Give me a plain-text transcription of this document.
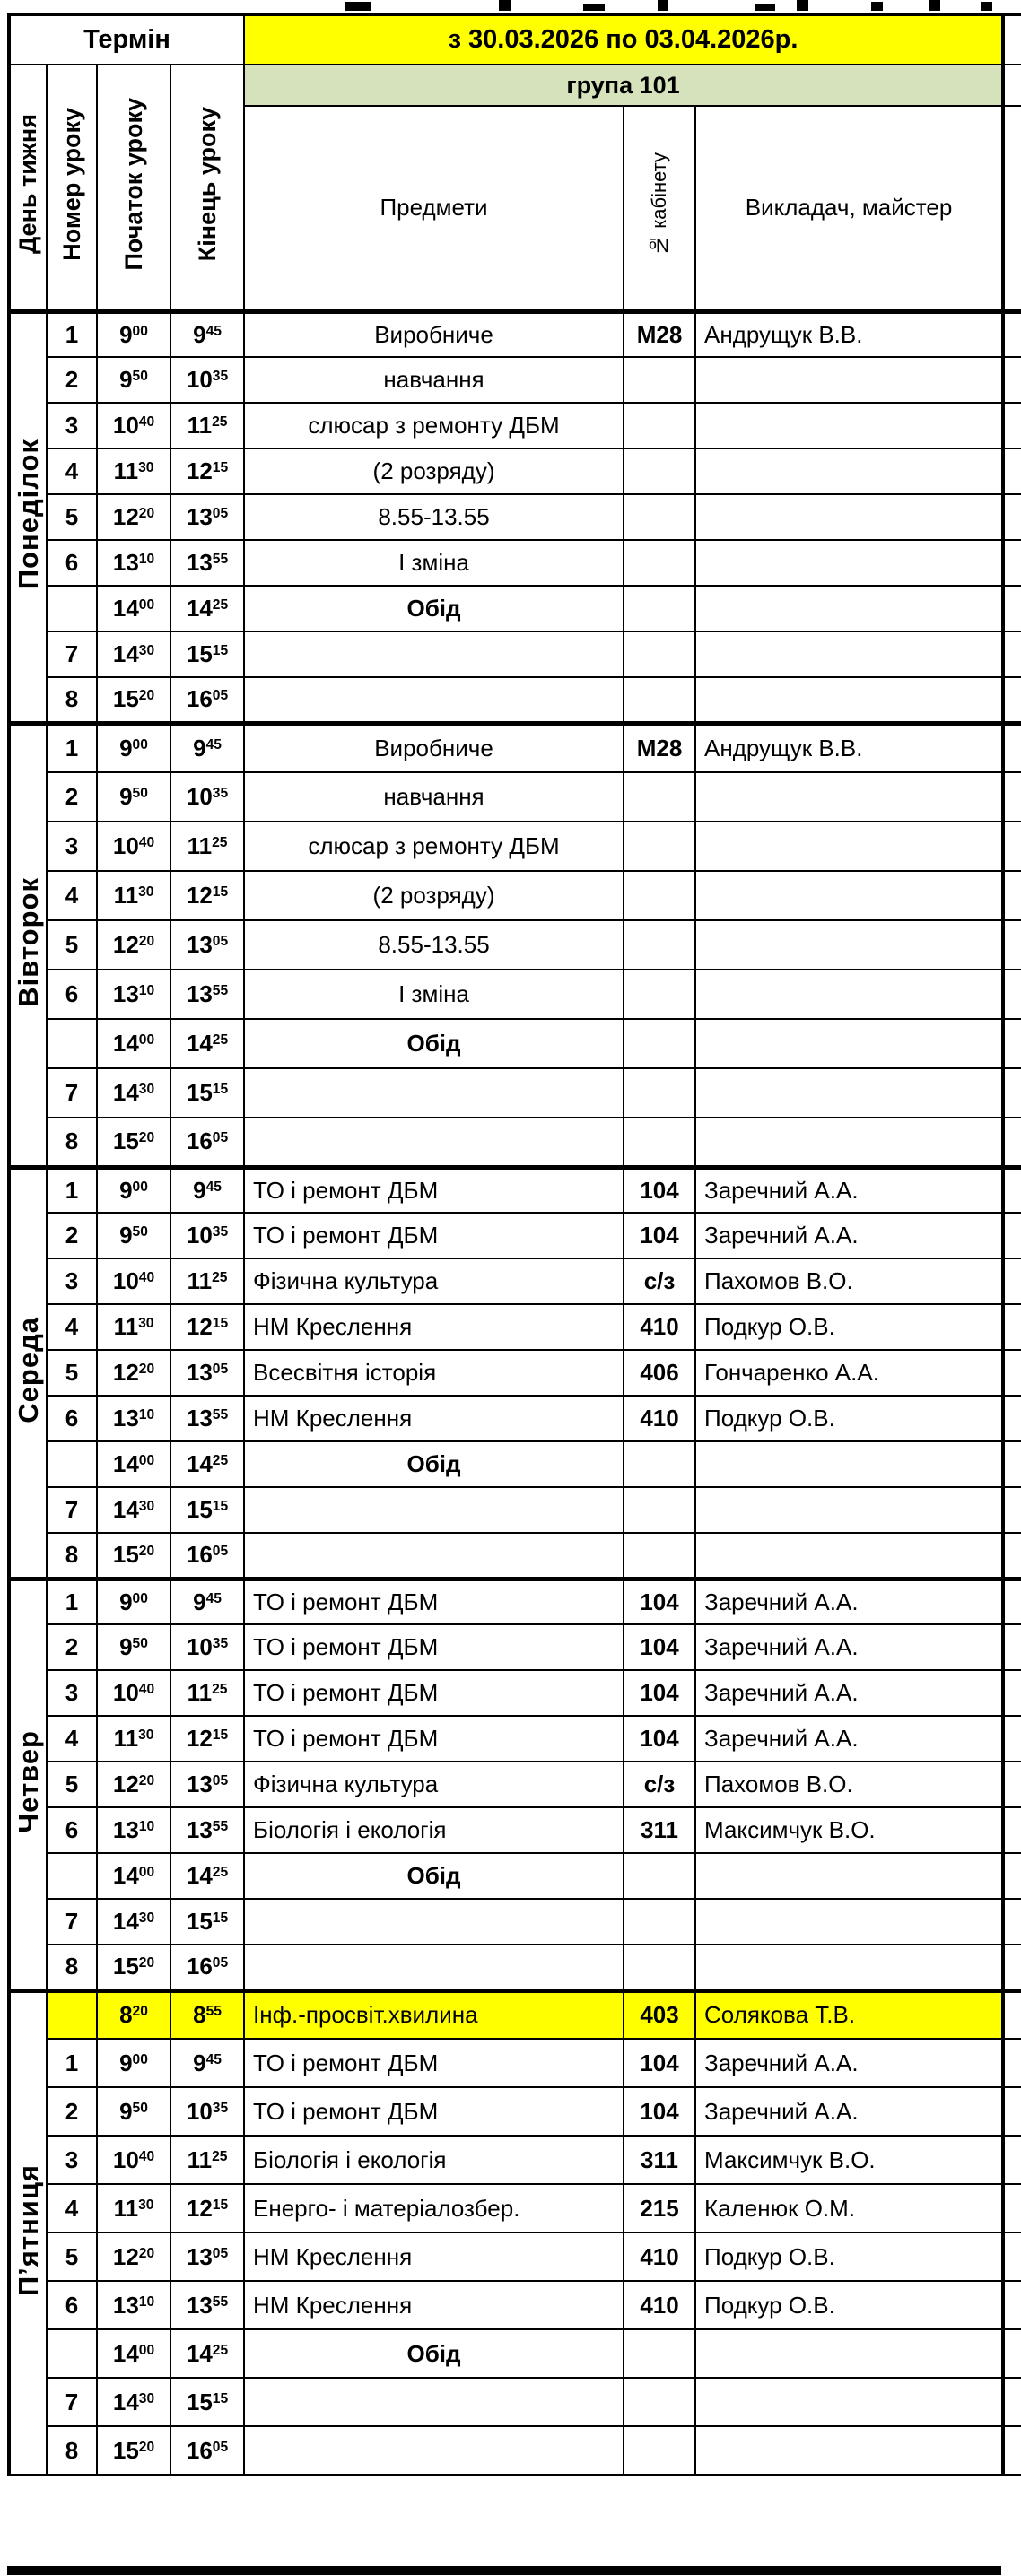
Термін				з 30.03.2026 по 03.04.2026р.			
День тижня	Номер уроку	Початок уроку	Кінець уроку	група 101			
				Предмети	№ кабінету	Викладач, майстер	
Понеділок	1	$9^{00}$	$9^{45}$	Виробниче	М28	Андрущук В.В.	
	2	$9^{50}$	$10^{35}$	навчання			
	3	$10^{40}$	$11^{25}$	слюсар з ремонту ДБМ			
	4	$11^{30}$	$12^{15}$	(2 розряду)			
	5	$12^{20}$	$13^{05}$	8.55-13.55			
	6	$13^{10}$	$13^{55}$	І зміна			
		$14^{00}$	$14^{25}$	Обід			
	7	$14^{30}$	$15^{15}$				
	8	$15^{20}$	$16^{05}$				
Вівторок	1	$9^{00}$	$9^{45}$	Виробниче	М28	Андрущук В.В.	
	2	$9^{50}$	$10^{35}$	навчання			
	3	$10^{40}$	$11^{25}$	слюсар з ремонту ДБМ			
	4	$11^{30}$	$12^{15}$	(2 розряду)			
	5	$12^{20}$	$13^{05}$	8.55-13.55			
	6	$13^{10}$	$13^{55}$	І зміна			
		$14^{00}$	$14^{25}$	Обід			
	7	$14^{30}$	$15^{15}$				
	8	$15^{20}$	$16^{05}$				
Середа	1	$9^{00}$	$9^{45}$	ТО і ремонт ДБМ	104	Заречний А.А.	
	2	$9^{50}$	$10^{35}$	ТО і ремонт ДБМ	104	Заречний А.А.	
	3	$10^{40}$	$11^{25}$	Фізична культура	с/з	Пахомов В.О.	
	4	$11^{30}$	$12^{15}$	НМ Креслення	410	Подкур О.В.	
	5	$12^{20}$	$13^{05}$	Всесвітня історія	406	Гончаренко А.А.	
	6	$13^{10}$	$13^{55}$	НМ Креслення	410	Подкур О.В.	
		$14^{00}$	$14^{25}$	Обід			
	7	$14^{30}$	$15^{15}$				
	8	$15^{20}$	$16^{05}$				
Четвер	1	$9^{00}$	$9^{45}$	ТО і ремонт ДБМ	104	Заречний А.А.	
	2	$9^{50}$	$10^{35}$	ТО і ремонт ДБМ	104	Заречний А.А.	
	3	$10^{40}$	$11^{25}$	ТО і ремонт ДБМ	104	Заречний А.А.	
	4	$11^{30}$	$12^{15}$	ТО і ремонт ДБМ	104	Заречний А.А.	
	5	$12^{20}$	$13^{05}$	Фізична культура	с/з	Пахомов В.О.	
	6	$13^{10}$	$13^{55}$	Біологія і екологія	311	Максимчук В.О.	
		$14^{00}$	$14^{25}$	Обід			
	7	$14^{30}$	$15^{15}$				
	8	$15^{20}$	$16^{05}$				
П’ятниця		$8^{20}$	$8^{55}$	Інф.-просвіт.хвилина	403	Солякова Т.В.	
	1	$9^{00}$	$9^{45}$	ТО і ремонт ДБМ	104	Заречний А.А.	
	2	$9^{50}$	$10^{35}$	ТО і ремонт ДБМ	104	Заречний А.А.	
	3	$10^{40}$	$11^{25}$	Біологія і екологія	311	Максимчук В.О.	
	4	$11^{30}$	$12^{15}$	Енерго- і матеріалозбер.	215	Каленюк О.М.	
	5	$12^{20}$	$13^{05}$	НМ Креслення	410	Подкур О.В.	
	6	$13^{10}$	$13^{55}$	НМ Креслення	410	Подкур О.В.	
		$14^{00}$	$14^{25}$	Обід			
	7	$14^{30}$	$15^{15}$				
	8	$15^{20}$	$16^{05}$				
